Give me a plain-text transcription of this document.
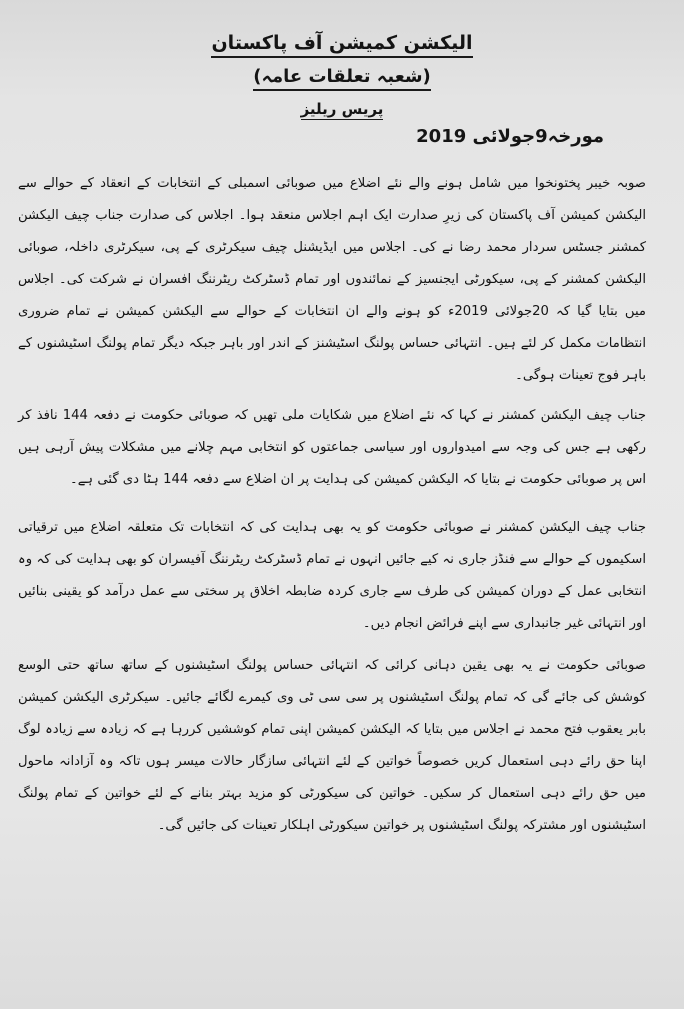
الیکشن کمیشن آف پاکستان
(شعبہ تعلقات عامہ)
پریس ریلیز
مورخہ9جولائی 2019

صوبہ خیبر پختونخوا میں شامل ہونے والے نئے اضلاع میں صوبائی اسمبلی کے انتخابات کے انعقاد کے حوالے سے الیکشن کمیشن آف پاکستان کی زیرِ صدارت ایک اہم اجلاس منعقد ہوا۔ اجلاس کی صدارت جناب چیف الیکشن کمشنر جسٹس سردار محمد رضا نے کی۔ اجلاس میں ایڈیشنل چیف سیکرٹری کے پی، سیکرٹری داخلہ، صوبائی الیکشن کمشنر کے پی، سیکورٹی ایجنسیز کے نمائندوں اور تمام ڈسٹرکٹ ریٹرننگ افسران نے شرکت کی۔ اجلاس میں بتایا گیا کہ 20جولائی 2019ء کو ہونے والے ان انتخابات کے حوالے سے الیکشن کمیشن نے تمام ضروری انتظامات مکمل کر لئے ہیں۔ انتہائی حساس پولنگ اسٹیشنز کے اندر اور باہر جبکہ دیگر تمام پولنگ اسٹیشنوں کے باہر فوج تعینات ہوگی۔

جناب چیف الیکشن کمشنر نے کہا کہ نئے اضلاع میں شکایات ملی تھیں کہ صوبائی حکومت نے دفعہ 144 نافذ کر رکھی ہے جس کی وجہ سے امیدواروں اور سیاسی جماعتوں کو انتخابی مہم چلانے میں مشکلات پیش آرہی ہیں اس پر صوبائی حکومت نے بتایا کہ الیکشن کمیشن کی ہدایت پر ان اضلاع سے دفعہ 144 ہٹا دی گئی ہے۔

جناب چیف الیکشن کمشنر نے صوبائی حکومت کو یہ بھی ہدایت کی کہ انتخابات تک متعلقہ اضلاع میں ترقیاتی اسکیموں کے حوالے سے فنڈز جاری نہ کیے جائیں انہوں نے تمام ڈسٹرکٹ ریٹرننگ آفیسران کو بھی ہدایت کی کہ وہ انتخابی عمل کے دوران کمیشن کی طرف سے جاری کردہ ضابطہ اخلاق پر سختی سے عمل درآمد کو یقینی بنائیں اور انتہائی غیر جانبداری سے اپنے فرائض انجام دیں۔

صوبائی حکومت نے یہ بھی یقین دہانی کرائی کہ انتہائی حساس پولنگ اسٹیشنوں کے ساتھ ساتھ حتی الوسع کوشش کی جائے گی کہ تمام پولنگ اسٹیشنوں پر سی سی ٹی وی کیمرے لگائے جائیں۔ سیکرٹری الیکشن کمیشن بابر یعقوب فتح محمد نے اجلاس میں بتایا کہ الیکشن کمیشن اپنی تمام کوششیں کررہا ہے کہ زیادہ سے زیادہ لوگ اپنا حق رائے دہی استعمال کریں خصوصاً خواتین کے لئے انتہائی سازگار حالات میسر ہوں تاکہ وہ آزادانہ ماحول میں حق رائے دہی استعمال کر سکیں۔ خواتین کی سیکورٹی کو مزید بہتر بنانے کے لئے خواتین کے تمام پولنگ اسٹیشنوں اور مشترکہ پولنگ اسٹیشنوں پر خواتین سیکورٹی اہلکار تعینات کی جائیں گی۔
